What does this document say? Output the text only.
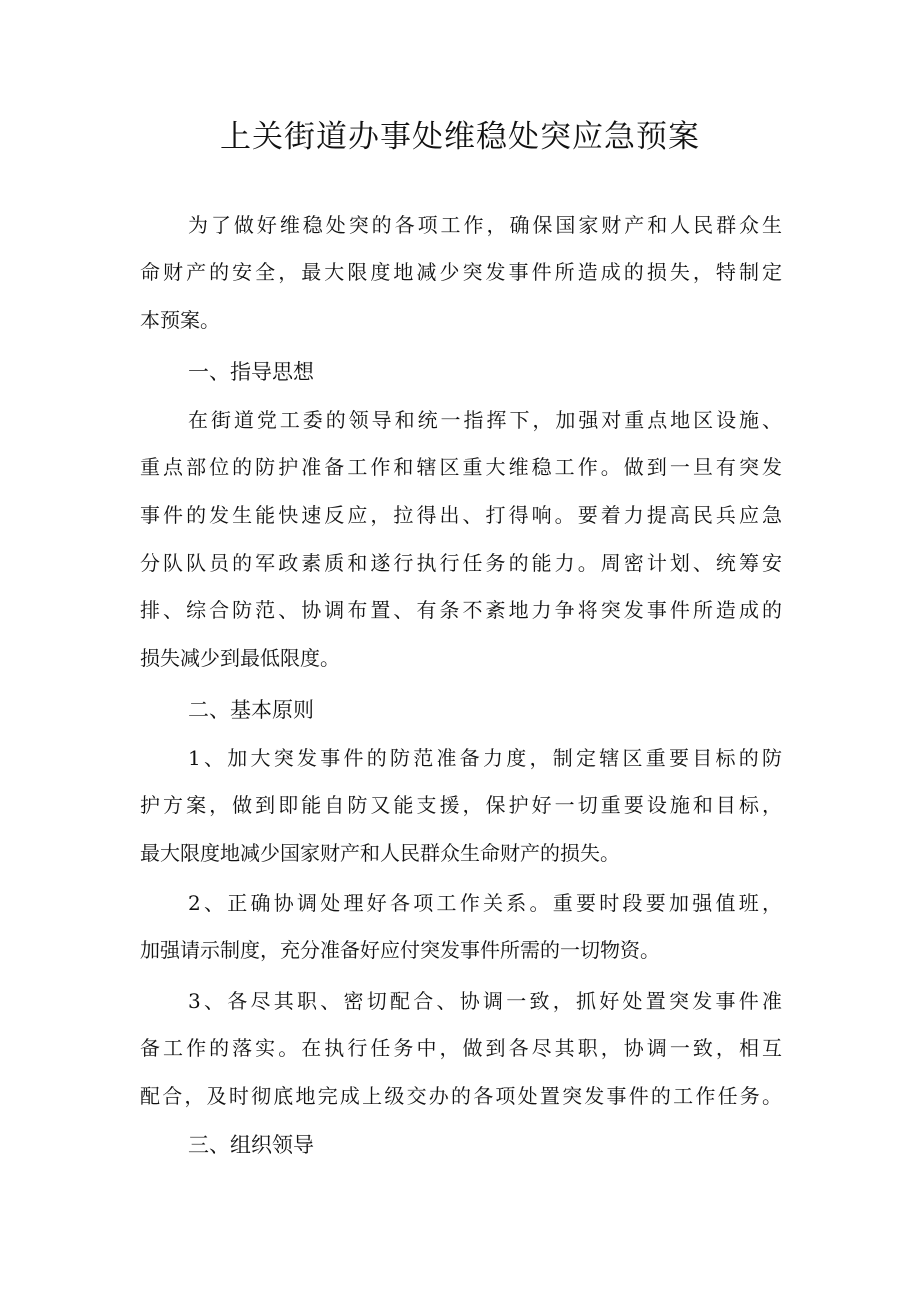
上关街道办事处维稳处突应急预案
为了做好维稳处突的各项工作，确保国家财产和人民群众生
命财产的安全，最大限度地减少突发事件所造成的损失，特制定
本预案。
一、指导思想
在街道党工委的领导和统一指挥下，加强对重点地区设施、
重点部位的防护准备工作和辖区重大维稳工作。做到一旦有突发
事件的发生能快速反应，拉得出、打得响。要着力提高民兵应急
分队队员的军政素质和遂行执行任务的能力。周密计划、统筹安
排、综合防范、协调布置、有条不紊地力争将突发事件所造成的
损失减少到最低限度。
二、基本原则
1、加大突发事件的防范准备力度，制定辖区重要目标的防
护方案，做到即能自防又能支援，保护好一切重要设施和目标，
最大限度地减少国家财产和人民群众生命财产的损失。
2、正确协调处理好各项工作关系。重要时段要加强值班，
加强请示制度，充分准备好应付突发事件所需的一切物资。
3、各尽其职、密切配合、协调一致，抓好处置突发事件准
备工作的落实。在执行任务中，做到各尽其职，协调一致，相互
配合，及时彻底地完成上级交办的各项处置突发事件的工作任务。
三、组织领导
